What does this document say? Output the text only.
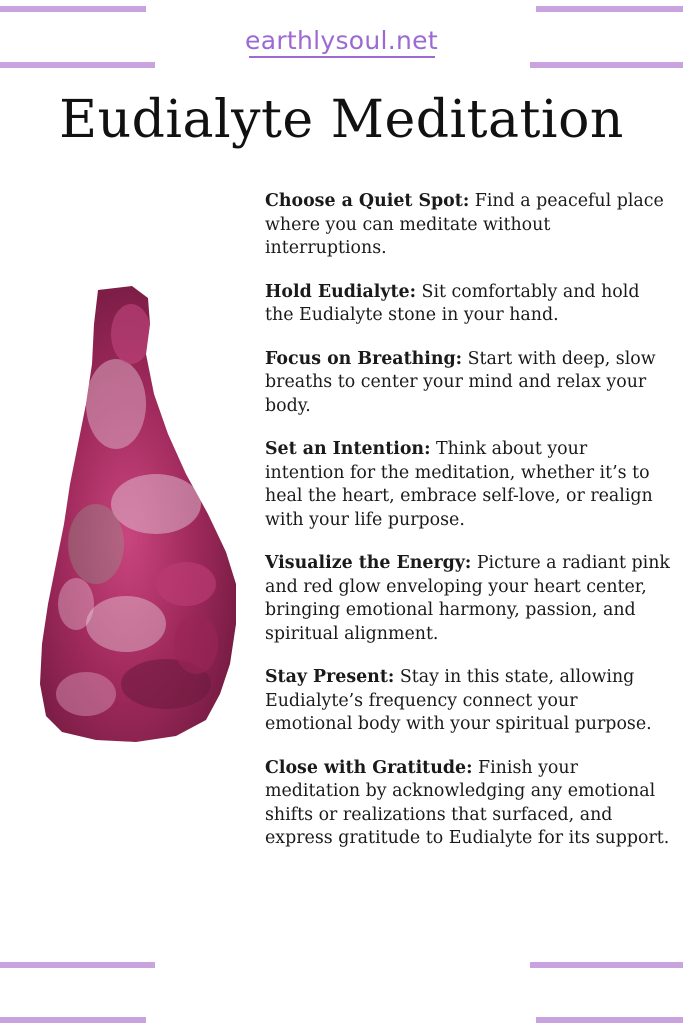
earthlysoul.net
Eudialyte Meditation
Choose a Quiet Spot: Find a peaceful place where you can meditate without interruptions.
Hold Eudialyte: Sit comfortably and hold the Eudialyte stone in your hand.
Focus on Breathing: Start with deep, slow breaths to center your mind and relax your body.
Set an Intention: Think about your intention for the meditation, whether it’s to heal the heart, embrace self-love, or realign with your life purpose.
Visualize the Energy: Picture a radiant pink and red glow enveloping your heart center, bringing emotional harmony, passion, and spiritual alignment.
Stay Present: Stay in this state, allowing Eudialyte’s frequency connect your emotional body with your spiritual purpose.
Close with Gratitude: Finish your meditation by acknowledging any emotional shifts or realizations that surfaced, and express gratitude to Eudialyte for its support.
